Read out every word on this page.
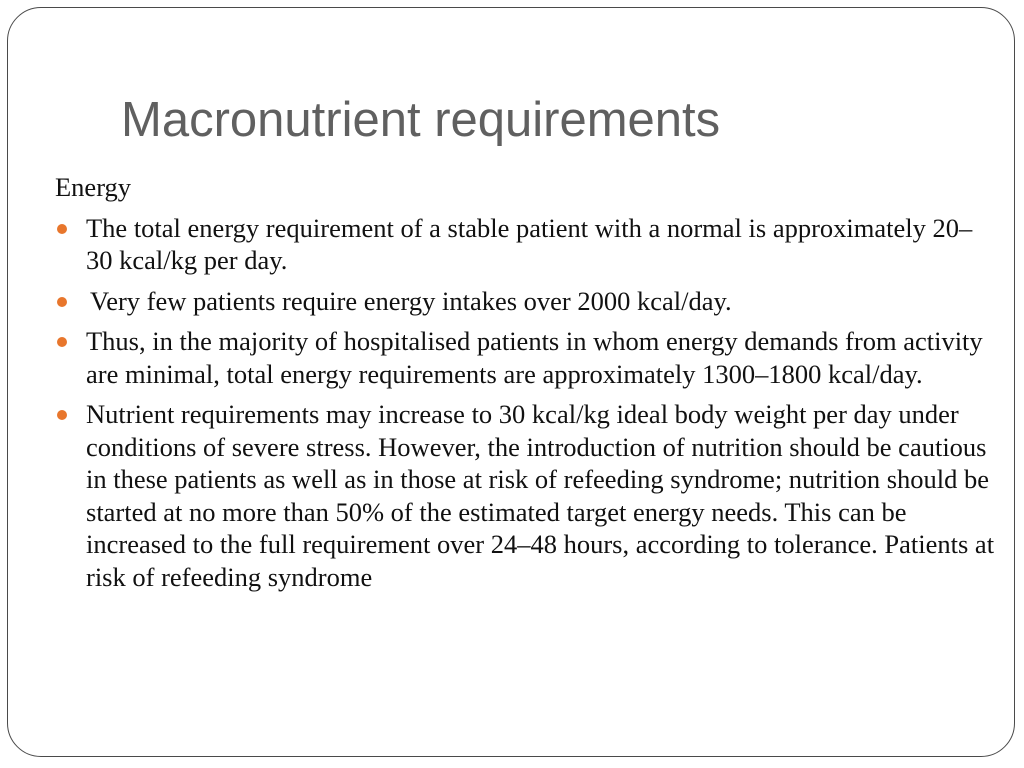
Macronutrient requirements

Energy

The total energy requirement of a stable patient with a normal is approximately 20–30 kcal/kg per day.
Very few patients require energy intakes over 2000 kcal/day.
Thus, in the majority of hospitalised patients in whom energy demands from activity are minimal, total energy requirements are approximately 1300–1800 kcal/day.
Nutrient requirements may increase to 30 kcal/kg ideal body weight per day under conditions of severe stress. However, the introduction of nutrition should be cautious in these patients as well as in those at risk of refeeding syndrome; nutrition should be started at no more than 50% of the estimated target energy needs. This can be increased to the full requirement over 24–48 hours, according to tolerance. Patients at risk of refeeding syndrome
